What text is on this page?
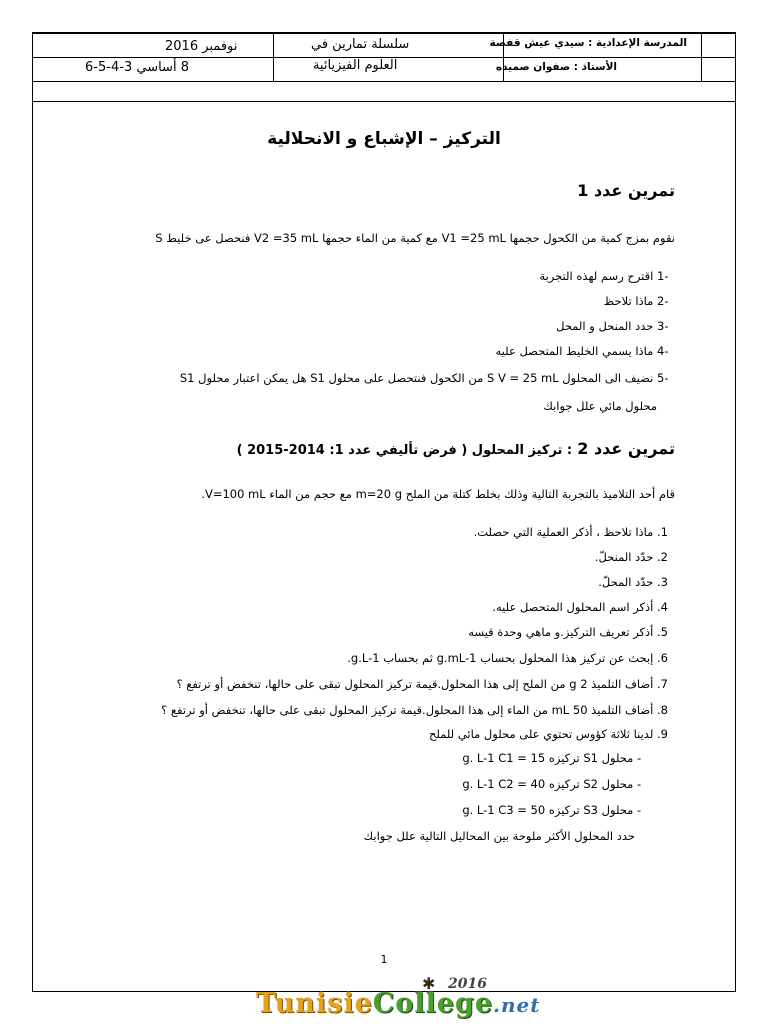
المدرسة الإعدادية : سيدي عيش قفصة
الأستاذ : صفوان صميده
سلسلة تمارين في
العلوم الفيزيائية
نوفمبر 2016
8 أساسي 3-4-5-6
التركيز – الإشباع و الانحلالية
تمرين عدد 1
نقوم بمزج كمية من الكحول حجمها V1 =25 mL مع كمية من الماء حجمها V2 =35 mL فنحصل عى خليط S
-1 اقترح رسم لهذه التجربة
-2 ماذا تلاحظ
-3 حدد المنحل و المحل
-4 ماذا يسمي الخليط المتحصل عليه
-5 نضيف الى المحلول S V = 25 mL من الكحول فنتحصل على محلول S1 هل يمكن اعتبار محلول S1
محلول مائي علل جوابك
تمرين عدد 2 : تركيز المحلول ( فرض تأليفي عدد 1: 2014-2015 )
قام أحد التلاميذ بالتجربة التالية وذلك بخلط كتلة من الملح m=20 g مع حجم من الماء V=100 mL.
1. ماذا تلاحظ ، أذكر العملية التي حصلت.
2. حدّد المنحلّ.
3. حدّد المحلّ.
4. أذكر اسم المحلول المتحصل عليه.
5. أذكر تعريف التركيز.و ماهي وحدة قيسه
6. إبحث عن تركيز هذا المحلول بحساب g.mL-1 ثم بحساب g.L-1.
7. أضاف التلميذ 2 g من الملح إلى هذا المحلول.قيمة تركيز المحلول تبقى على حالها، تنخفض أو ترتفع ؟
8. أضاف التلميذ 50 mL من الماء إلى هذا المحلول.قيمة تركيز المحلول تبقى على حالها، تنخفض أو ترتفع ؟
9. لدينا ثلاثة كؤوس تحتوي على محلول مائي للملح
- محلول S1 تركيزه g. L-1 C1 = 15
- محلول S2 تركيزه g. L-1 C2 = 40
- محلول S3 تركيزه g. L-1 C3 = 50
حدد المحلول الأكثر ملوحة بين المحاليل التالية علل جوابك
1
✱ 2016
TunisieCollege.net
